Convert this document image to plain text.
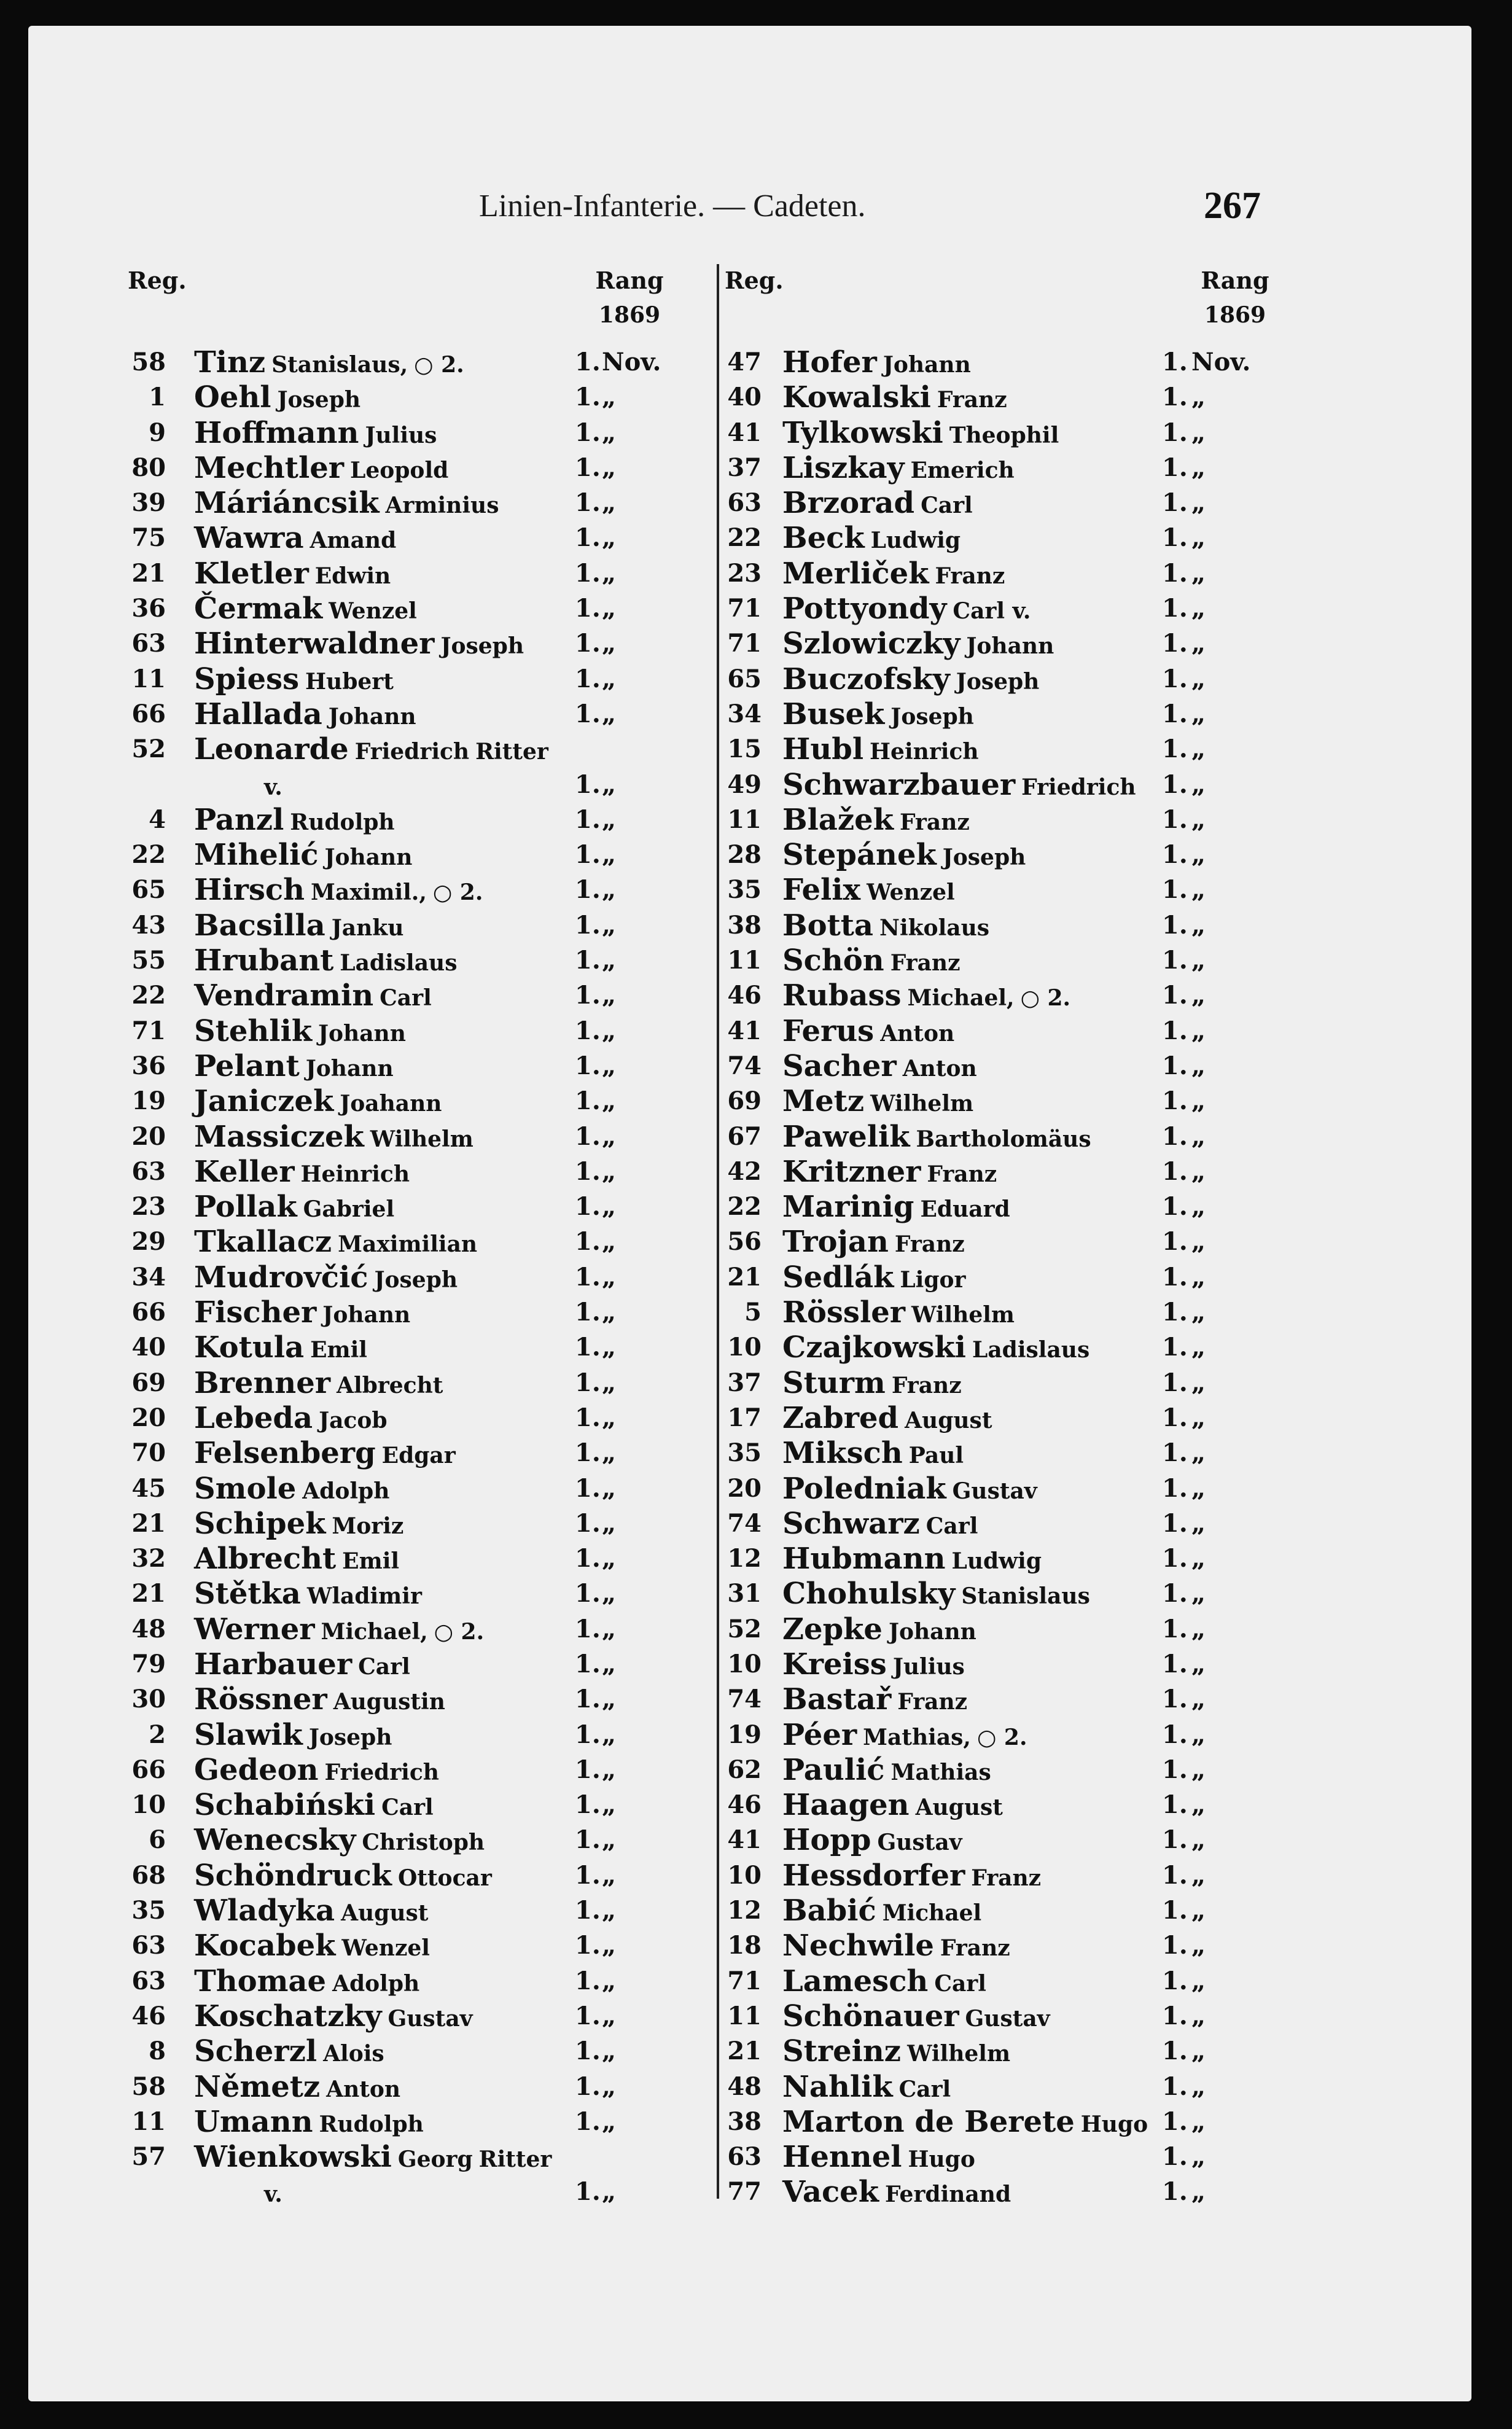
Linien-Infanterie. — Cadeten.	267
Reg.	Rang
1869
58 Tinz Stanislaus, ○ 2.	1. Nov.
1 Oehl Joseph	1. „
9 Hoffmann Julius	1. „
80 Mechtler Leopold	1. „
39 Máriáncsik Arminius	1. „
75 Wawra Amand	1. „
21 Kletler Edwin	1. „
36 Čermak Wenzel	1. „
63 Hinterwaldner Joseph 1. „
11 Spiess Hubert	1. „
66 Hallada Johann	1. „
52 Leonarde Friedrich Ritter
v.	1. „
4 Panzl Rudolph	1. „
22 Mihelić Johann	1. „
65 Hirsch Maximil., ○ 2.	1. „
43 Bacsilla Janku	1. „
55 Hrubant Ladislaus	1. „
22 Vendramin Carl	1. „
71 Stehlik Johann	1. „
36 Pelant Johann	1. „
19 Janiczek Joahann	1. „
20 Massiczek Wilhelm	1. „
63 Keller Heinrich	1. „
23 Pollak Gabriel	1. „
29 Tkallacz Maximilian	1. „
34 Mudrovčić Joseph	1. „
66 Fischer Johann	1. „
40 Kotula Emil	1. „
69 Brenner Albrecht	1. „
20 Lebeda Jacob	1. „
70 Felsenberg Edgar	1. „
45 Smole Adolph	1. „
21 Schipek Moriz	1. „
32 Albrecht Emil	1. „
21 Stětka Wladimir	1. „
48 Werner Michael, ○ 2.	1. „
79 Harbauer Carl	1. „
30 Rössner Augustin	1. „
2 Slawik Joseph	1. „
66 Gedeon Friedrich	1. „
10 Schabiński Carl	1. „
6 Wenecsky Christoph	1. „
68 Schöndruck Ottocar	1. „
35 Wladyka August	1. „
63 Kocabek Wenzel	1. „
63 Thomae Adolph	1. „
46 Koschatzky Gustav	1. „
8 Scherzl Alois	1. „
58 Němetz Anton	1. „
11 Umann Rudolph	1. „
57 Wienkowski Georg Ritter
v.	1. „
Reg.	Rang
1869
47 Hofer Johann	1. Nov.
40 Kowalski Franz	1. „
41 Tylkowski Theophil	1. „
37 Liszkay Emerich	1. „
63 Brzorad Carl	1. „
22 Beck Ludwig	1. „
23 Merliček Franz	1. „
71 Pottyondy Carl v.	1. „
71 Szlowiczky Johann	1. „
65 Buczofsky Joseph	1. „
34 Busek Joseph	1. „
15 Hubl Heinrich	1. „
49 Schwarzbauer Friedrich 1. „
11 Blažek Franz	1. „
28 Stepánek Joseph	1. „
35 Felix Wenzel	1. „
38 Botta Nikolaus	1. „
11 Schön Franz	1. „
46 Rubass Michael, ○ 2.	1. „
41 Ferus Anton	1. „
74 Sacher Anton	1. „
69 Metz Wilhelm	1. „
67 Pawelik Bartholomäus	1. „
42 Kritzner Franz	1. „
22 Marinig Eduard	1. „
56 Trojan Franz	1. „
21 Sedlák Ligor	1. „
5 Rössler Wilhelm	1. „
10 Czajkowski Ladislaus	1. „
37 Sturm Franz	1. „
17 Zabred August	1. „
35 Miksch Paul	1. „
20 Poledniak Gustav	1. „
74 Schwarz Carl	1. „
12 Hubmann Ludwig	1. „
31 Chohulsky Stanislaus	1. „
52 Zepke Johann	1. „
10 Kreiss Julius	1. „
74 Bastař Franz	1. „
19 Péer Mathias, ○ 2.	1. „
62 Paulić Mathias	1. „
46 Haagen August	1. „
41 Hopp Gustav	1. „
10 Hessdorfer Franz	1. „
12 Babić Michael	1. „
18 Nechwile Franz	1. „
71 Lamesch Carl	1. „
11 Schönauer Gustav	1. „
21 Streinz Wilhelm	1. „
48 Nahlik Carl	1. „
38 Marton de Berete Hugo 1. „
63 Hennel Hugo	1. „
77 Vacek Ferdinand	1. „
